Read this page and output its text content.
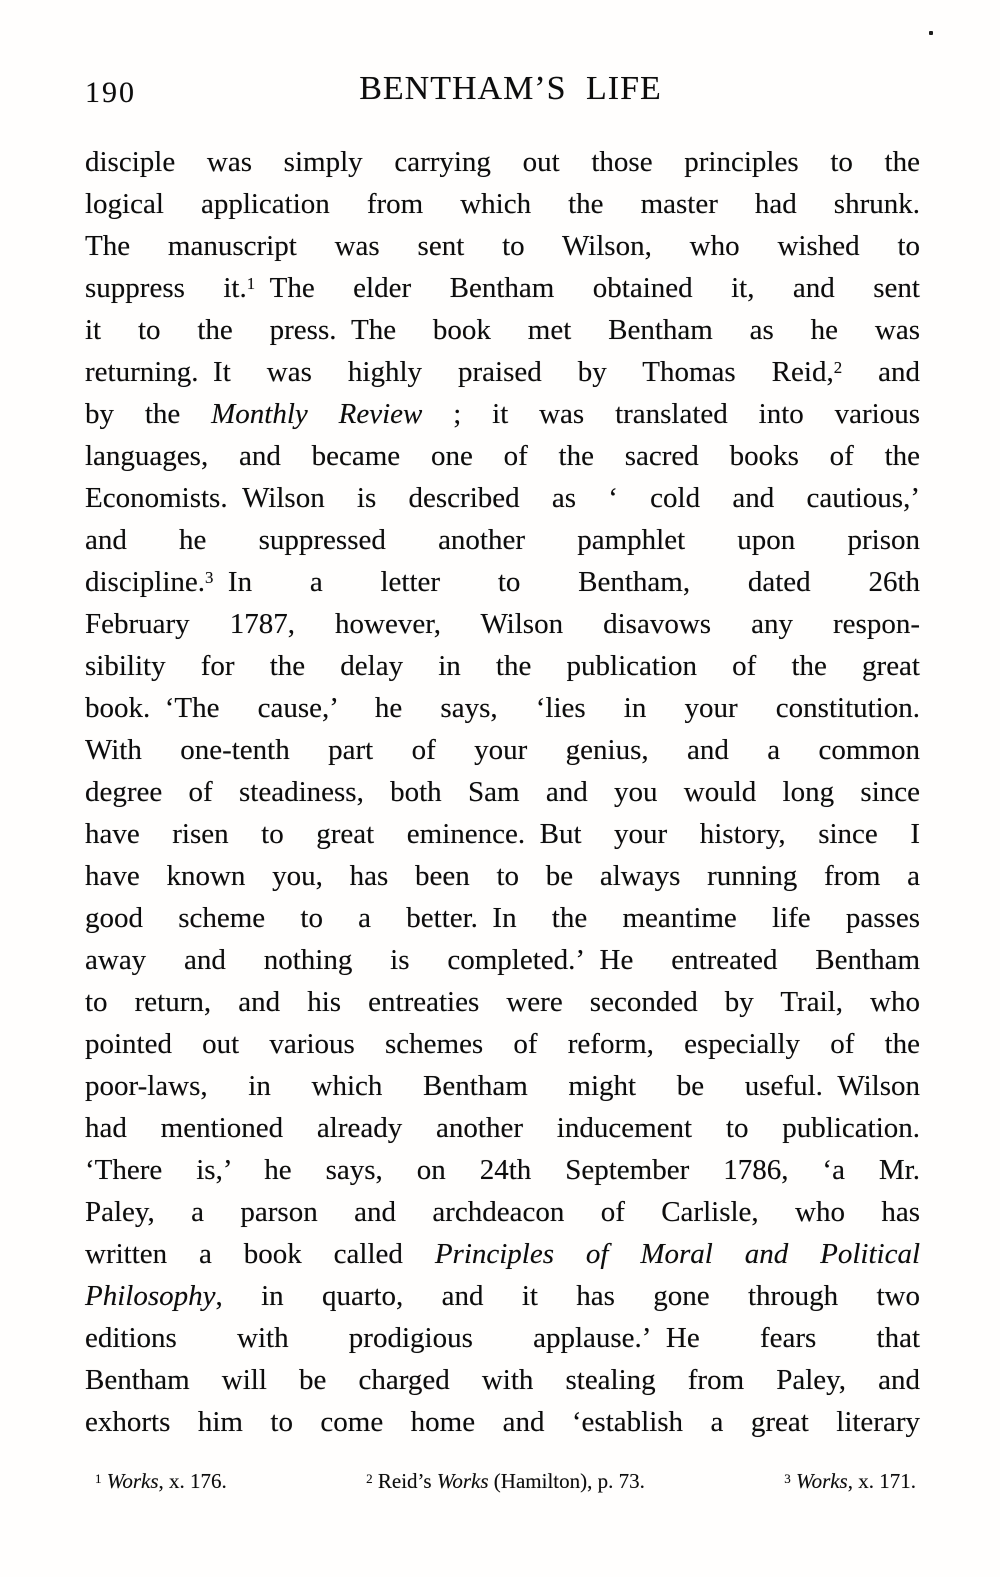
190	BENTHAM’S LIFE
disciple was simply carrying out those principles to the
logical application from which the master had shrunk.
The manuscript was sent to Wilson, who wished to
suppress it.$^1$ The elder Bentham obtained it, and sent
it to the press. The book met Bentham as he was
returning. It was highly praised by Thomas Reid,$^2$ and
by the Monthly Review ; it was translated into various
languages, and became one of the sacred books of the
Economists. Wilson is described as ‘ cold and cautious,’
and he suppressed another pamphlet upon prison
discipline.$^3$ In a letter to Bentham, dated 26th
February 1787, however, Wilson disavows any respon-
sibility for the delay in the publication of the great
book. ‘The cause,’ he says, ‘lies in your constitution.
With one-tenth part of your genius, and a common
degree of steadiness, both Sam and you would long since
have risen to great eminence. But your history, since I
have known you, has been to be always running from a
good scheme to a better. In the meantime life passes
away and nothing is completed.’ He entreated Bentham
to return, and his entreaties were seconded by Trail, who
pointed out various schemes of reform, especially of the
poor-laws, in which Bentham might be useful. Wilson
had mentioned already another inducement to publication.
‘There is,’ he says, on 24th September 1786, ‘a Mr.
Paley, a parson and archdeacon of Carlisle, who has
written a book called Principles of Moral and Political
Philosophy, in quarto, and it has gone through two
editions with prodigious applause.’ He fears that
Bentham will be charged with stealing from Paley, and
exhorts him to come home and ‘establish a great literary
$^1$ Works, x. 176.	$^2$ Reid’s Works (Hamilton), p. 73.	$^3$ Works, x. 171.
